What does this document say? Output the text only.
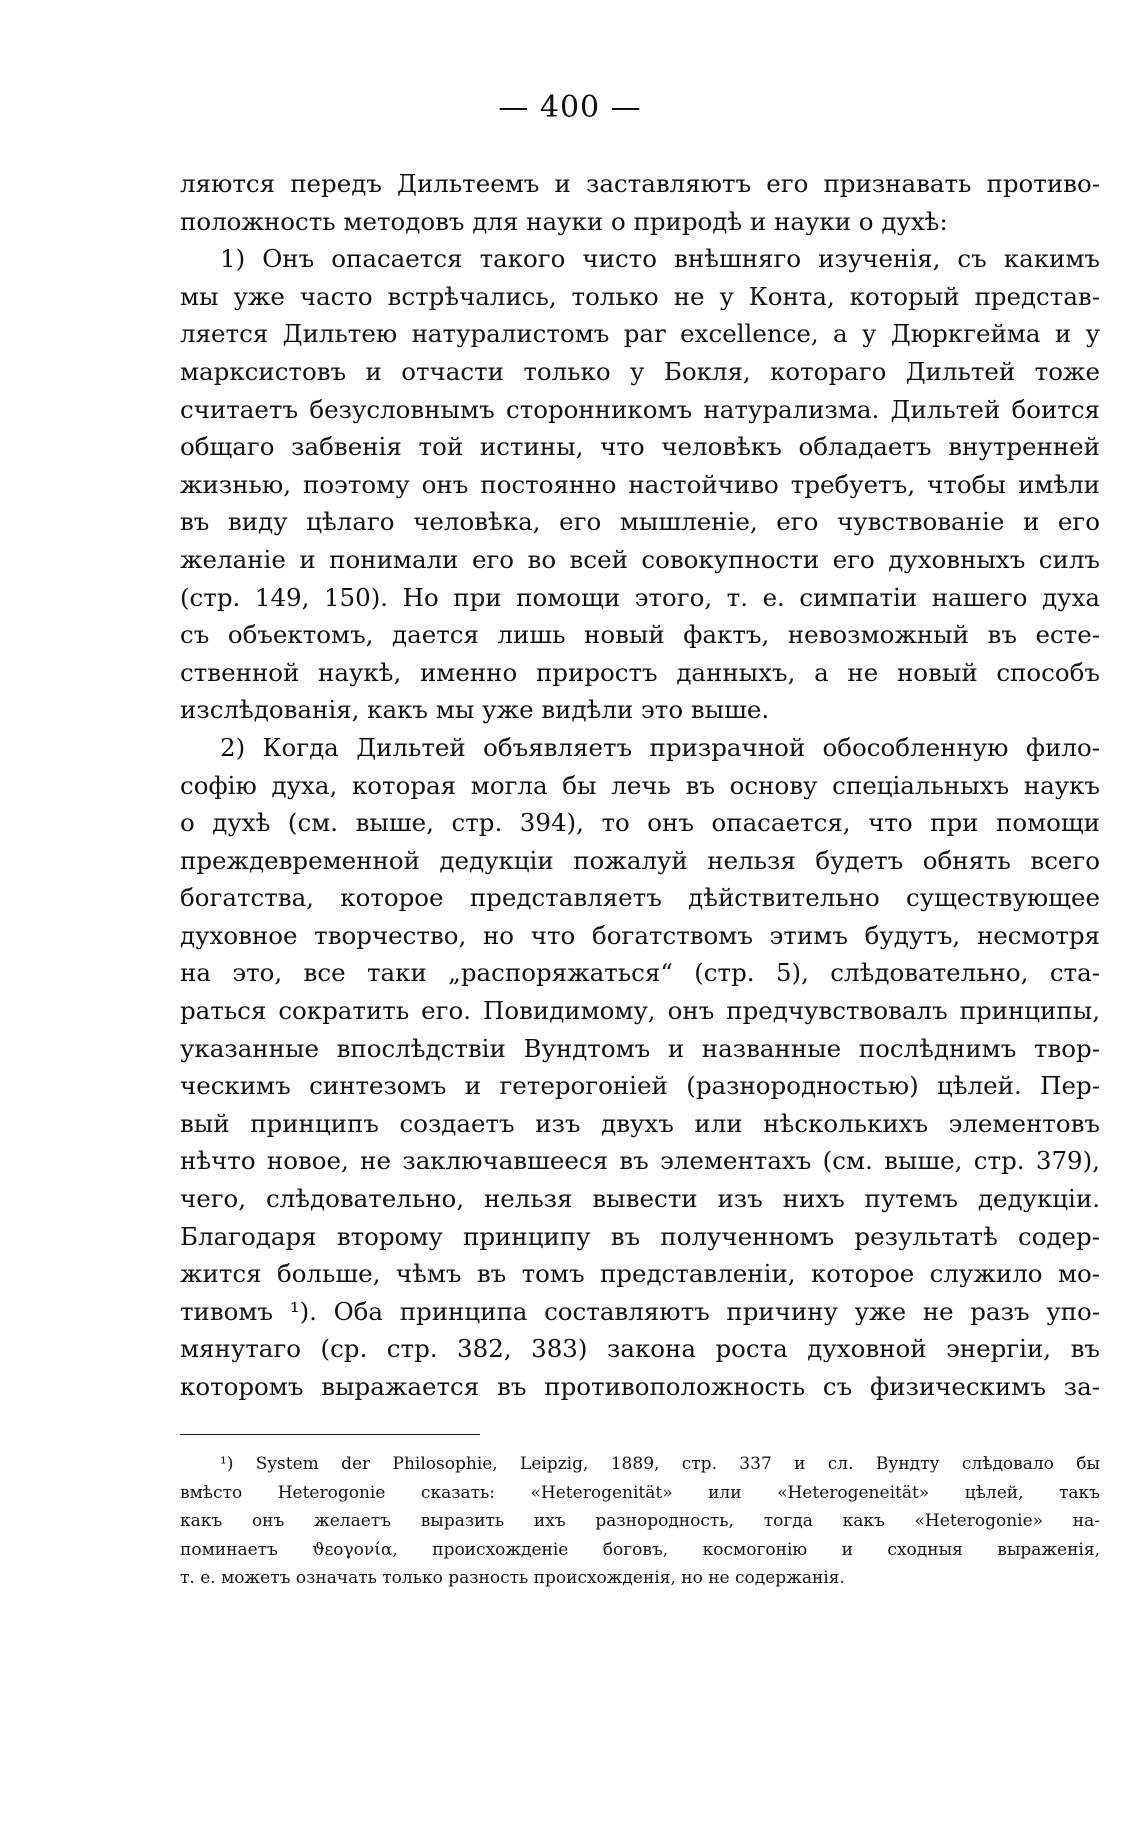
— 400 —
ляются передъ Дильтеемъ и заставляютъ его признавать противо-
положность методовъ для науки о природѣ и науки о духѣ:
1) Онъ опасается такого чисто внѣшняго изученія, съ какимъ
мы уже часто встрѣчались, только не у Конта, который представ-
ляется Дильтею натуралистомъ par excellence, а у Дюркгейма и у
марксистовъ и отчасти только у Бокля, котораго Дильтей тоже
считаетъ безусловнымъ сторонникомъ натурализма. Дильтей боится
общаго забвенія той истины, что человѣкъ обладаетъ внутренней
жизнью, поэтому онъ постоянно настойчиво требуетъ, чтобы имѣли
въ виду цѣлаго человѣка, его мышленіе, его чувствованіе и его
желаніе и понимали его во всей совокупности его духовныхъ силъ
(стр. 149, 150). Но при помощи этого, т. е. симпатіи нашего духа
съ объектомъ, дается лишь новый фактъ, невозможный въ есте-
ственной наукѣ, именно приростъ данныхъ, а не новый способъ
изслѣдованія, какъ мы уже видѣли это выше.
2) Когда Дильтей объявляетъ призрачной обособленную фило-
софію духа, которая могла бы лечь въ основу спеціальныхъ наукъ
о духѣ (см. выше, стр. 394), то онъ опасается, что при помощи
преждевременной дедукціи пожалуй нельзя будетъ обнять всего
богатства, которое представляетъ дѣйствительно существующее
духовное творчество, но что богатствомъ этимъ будутъ, несмотря
на это, все таки „распоряжаться“ (стр. 5), слѣдовательно, ста-
раться сократить его. Повидимому, онъ предчувствовалъ принципы,
указанные впослѣдствіи Вундтомъ и названные послѣднимъ твор-
ческимъ синтезомъ и гетерогоніей (разнородностью) цѣлей. Пер-
вый принципъ создаетъ изъ двухъ или нѣсколькихъ элементовъ
нѣчто новое, не заключавшееся въ элементахъ (см. выше, стр. 379),
чего, слѣдовательно, нельзя вывести изъ нихъ путемъ дедукціи.
Благодаря второму принципу въ полученномъ результатѣ содер-
жится больше, чѣмъ въ томъ представленіи, которое служило мо-
тивомъ ¹). Оба принципа составляютъ причину уже не разъ упо-
мянутаго (ср. стр. 382, 383) закона роста духовной энергіи, въ
которомъ выражается въ противоположность съ физическимъ за-
¹) System der Philosophie, Leipzig, 1889, стр. 337 и сл. Вундту слѣдовало бы
вмѣсто Heterogonie сказать: «Heterogenität» или «Heterogeneität» цѣлей, такъ
какъ онъ желаетъ выразить ихъ разнородность, тогда какъ «Heterogonie» на-
поминаетъ ϑεογονία, происхожденіе боговъ, космогонію и сходныя выраженія,
т. е. можетъ означать только разность происхожденія, но не содержанія.
